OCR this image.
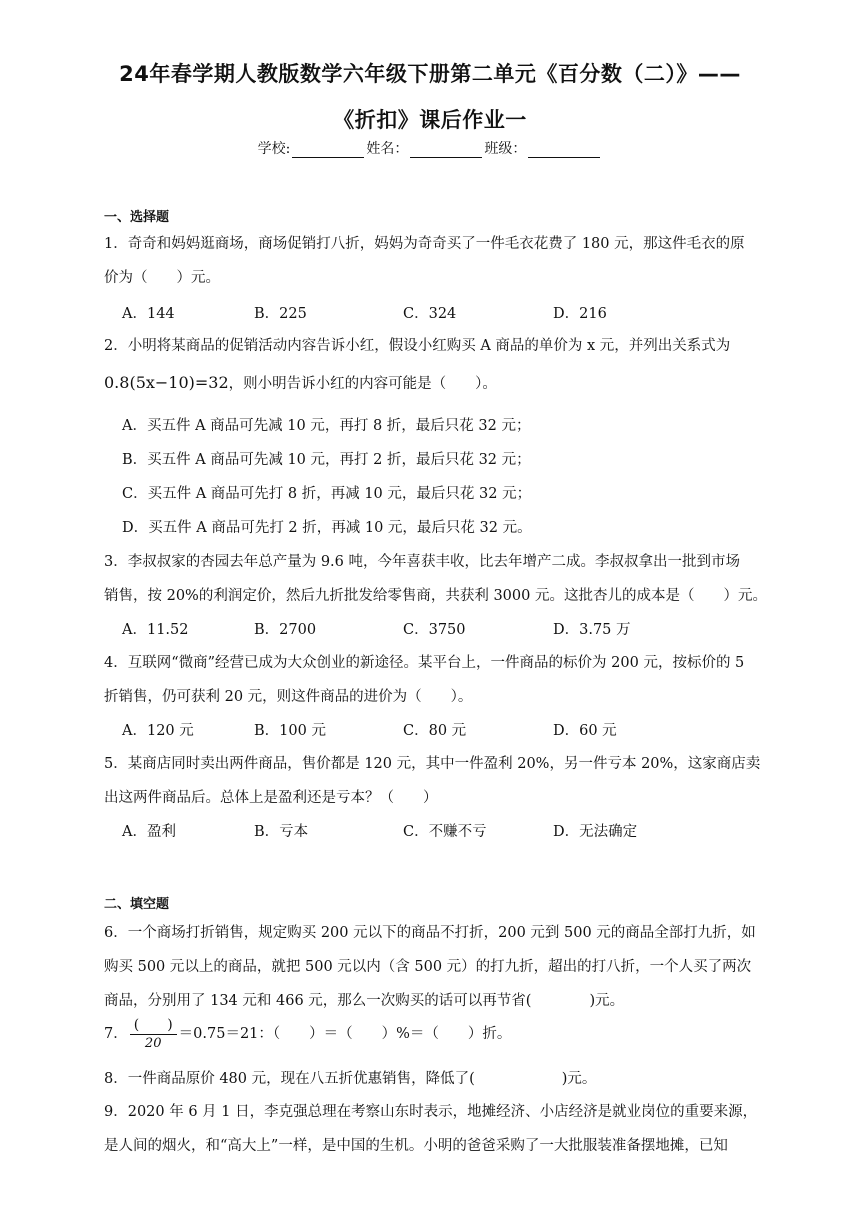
24年春学期人教版数学六年级下册第二单元《百分数（二）》——
《折扣》课后作业一
学校:	姓名：	班级：
一、选择题
1．奇奇和妈妈逛商场，商场促销打八折，妈妈为奇奇买了一件毛衣花费了 180 元，那这件毛衣的原
价为（　　）元。
A．144	B．225	C．324	D．216
2．小明将某商品的促销活动内容告诉小红，假设小红购买 A 商品的单价为 x 元，并列出关系式为
0.8(5x−10)=32，则小明告诉小红的内容可能是（　　）。
A．买五件 A 商品可先减 10 元，再打 8 折，最后只花 32 元；
B．买五件 A 商品可先减 10 元，再打 2 折，最后只花 32 元；
C．买五件 A 商品可先打 8 折，再减 10 元，最后只花 32 元；
D．买五件 A 商品可先打 2 折，再减 10 元，最后只花 32 元。
3．李叔叔家的杏园去年总产量为 9.6 吨，今年喜获丰收，比去年增产二成。李叔叔拿出一批到市场
销售，按 20%的利润定价，然后九折批发给零售商，共获利 3000 元。这批杏儿的成本是（　　）元。
A．11.52	B．2700	C．3750	D．3.75 万
4．互联网“微商”经营已成为大众创业的新途径。某平台上，一件商品的标价为 200 元，按标价的 5
折销售，仍可获利 20 元，则这件商品的进价为（　　）。
A．120 元	B．100 元	C．80 元	D．60 元
5．某商店同时卖出两件商品，售价都是 120 元，其中一件盈利 20%，另一件亏本 20%，这家商店卖
出这两件商品后。总体上是盈利还是亏本？（　　）
A．盈利	B．亏本	C．不赚不亏	D．无法确定
二、填空题
6．一个商场打折销售，规定购买 200 元以下的商品不打折，200 元到 500 元的商品全部打九折，如
购买 500 元以上的商品，就把 500 元以内（含 500 元）的打九折，超出的打八折，一个人买了两次
商品，分别用了 134 元和 466 元，那么一次购买的话可以再节省(　　　　)元。
7． $\frac{( )}{20} =0.75=21$：（　　）＝（　　）%＝（　　）折。
8．一件商品原价 480 元，现在八五折优惠销售，降低了(　　　　　　)元。
9．2020 年 6 月 1 日，李克强总理在考察山东时表示，地摊经济、小店经济是就业岗位的重要来源，
是人间的烟火，和“高大上”一样，是中国的生机。小明的爸爸采购了一大批服装准备摆地摊，已知
